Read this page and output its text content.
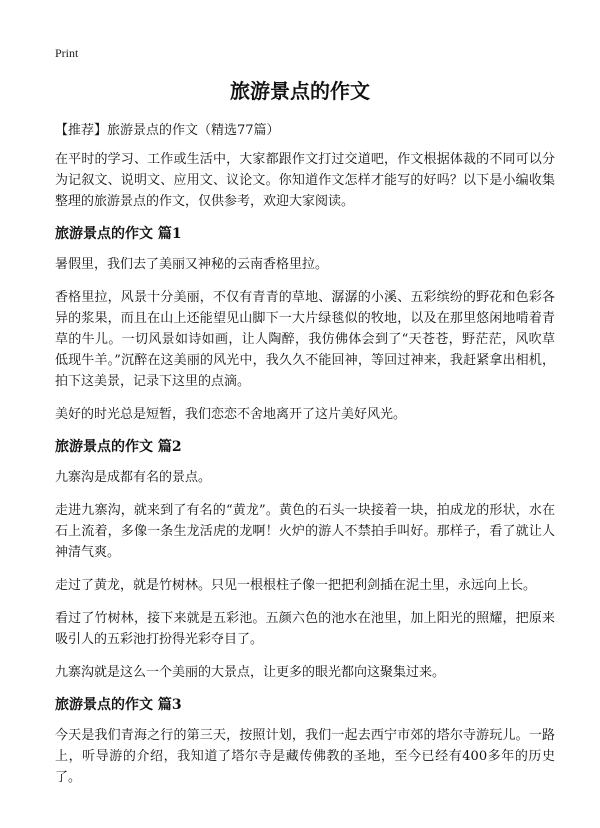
Print
旅游景点的作文
【推荐】旅游景点的作文（精选77篇）

在平时的学习、工作或生活中，大家都跟作文打过交道吧，作文根据体裁的不同可以分为记叙文、说明文、应用文、议论文。你知道作文怎样才能写的好吗？以下是小编收集整理的旅游景点的作文，仅供参考，欢迎大家阅读。

旅游景点的作文 篇1

暑假里，我们去了美丽又神秘的云南香格里拉。

香格里拉，风景十分美丽，不仅有青青的草地、潺潺的小溪、五彩缤纷的野花和色彩各异的浆果，而且在山上还能望见山脚下一大片绿毯似的牧地，以及在那里悠闲地啃着青草的牛儿。一切风景如诗如画，让人陶醉，我仿佛体会到了“天苍苍，野茫茫，风吹草低现牛羊。”沉醉在这美丽的风光中，我久久不能回神，等回过神来，我赶紧拿出相机，拍下这美景，记录下这里的点滴。

美好的时光总是短暂，我们恋恋不舍地离开了这片美好风光。

旅游景点的作文 篇2

九寨沟是成都有名的景点。

走进九寨沟，就来到了有名的“黄龙”。黄色的石头一块接着一块，拍成龙的形状，水在石上流着，多像一条生龙活虎的龙啊！火炉的游人不禁拍手叫好。那样子，看了就让人神清气爽。

走过了黄龙，就是竹树林。只见一根根柱子像一把把利剑插在泥土里，永远向上长。

看过了竹树林，接下来就是五彩池。五颜六色的池水在池里，加上阳光的照耀，把原来吸引人的五彩池打扮得光彩夺目了。

九寨沟就是这么一个美丽的大景点，让更多的眼光都向这聚集过来。

旅游景点的作文 篇3

今天是我们青海之行的第三天，按照计划，我们一起去西宁市郊的塔尔寺游玩儿。一路上，听导游的介绍，我知道了塔尔寺是藏传佛教的圣地，至今已经有400多年的历史了。
